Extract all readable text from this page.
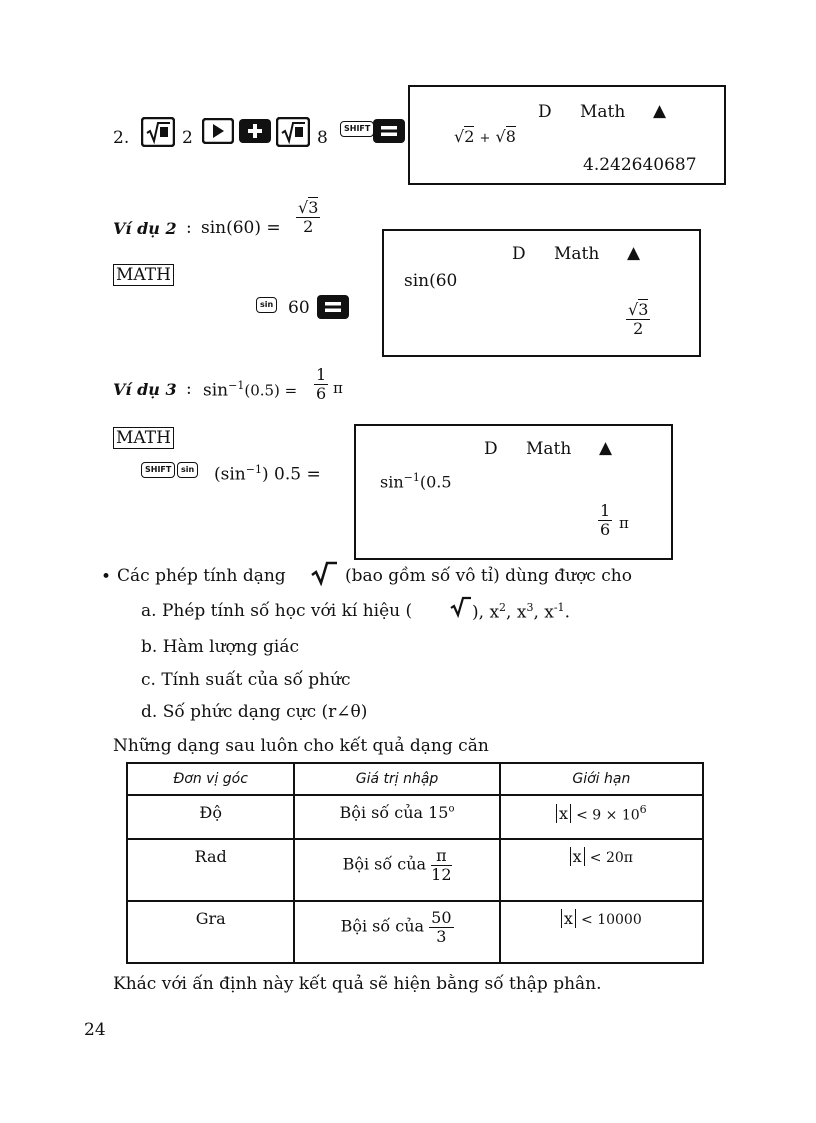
2.	2	8	SHIFT
D Math ▲
√2 + √8
4.242640687
Ví dụ 2 : $\sin(60) = \frac{√3}{2}$
MATH
sin 60
D Math ▲
sin(60
$\frac{√3}{2}$
Ví dụ 3 : $\sin^{-1}(0.5) = \frac{1}{6}$ π
MATH
SHIFT	$\sin (\sin^{-1}) 0.5$ =
D Math ▲
$\sin^{-1}(0.5$
$\frac{1}{6}$ π
• Các phép tính dạng	(bao gồm số vô tỉ) dùng được cho
a. Phép tính số học với kí hiệu (	), $x^2$, $x^3$, $x^{-1}$.
b. Hàm lượng giác
c. Tính suất của số phức
d. Số phức dạng cực (r∠θ)
Những dạng sau luôn cho kết quả dạng căn
Đơn vị góc	Giá trị nhập	Giới hạn

Độ	Bội số của 15$^o$	$x < 9 \times 10^6$

Rad	Bội số của $\frac{\pi}{12}$	x < 20π

Gra	Bội số của $\frac{50}{3}$	x < 10000
Khác với ấn định này kết quả sẽ hiện bằng số thập phân.
24
